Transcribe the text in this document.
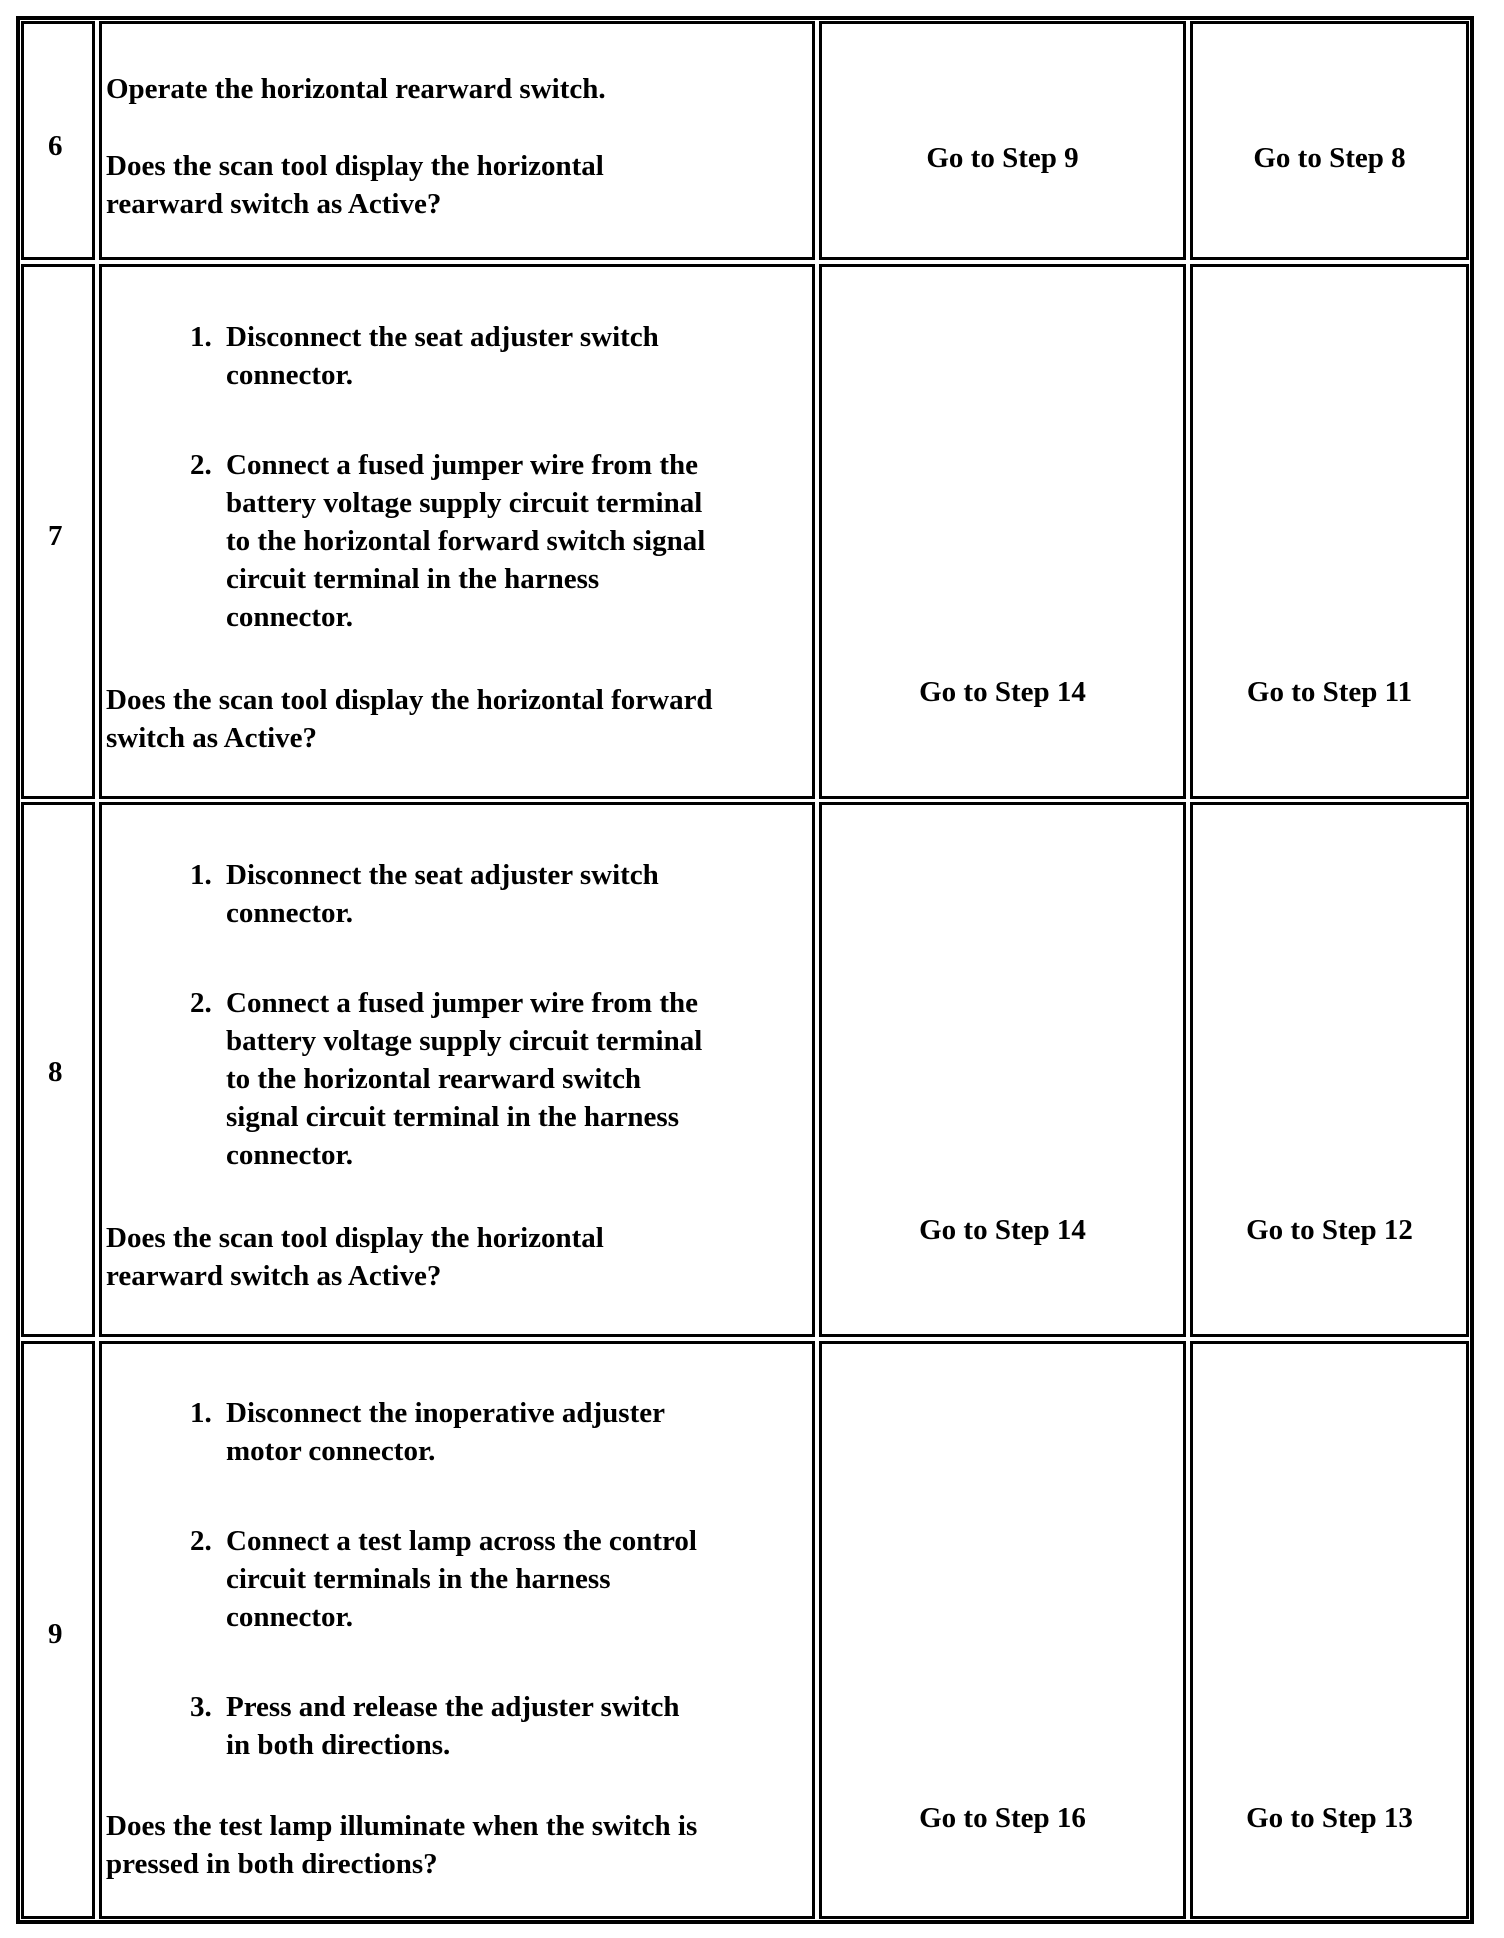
6
Operate the horizontal rearward switch.
Does the scan tool display the horizontal
rearward switch as Active?
Go to Step 9	Go to Step 8
7
1. Disconnect the seat adjuster switch
connector.
2. Connect a fused jumper wire from the
battery voltage supply circuit terminal
to the horizontal forward switch signal
circuit terminal in the harness
connector.
Does the scan tool display the horizontal forward
switch as Active?
Go to Step 14	Go to Step 11
8
1. Disconnect the seat adjuster switch
connector.
2. Connect a fused jumper wire from the
battery voltage supply circuit terminal
to the horizontal rearward switch
signal circuit terminal in the harness
connector.
Does the scan tool display the horizontal
rearward switch as Active?
Go to Step 14	Go to Step 12
9
1. Disconnect the inoperative adjuster
motor connector.
2. Connect a test lamp across the control
circuit terminals in the harness
connector.
3. Press and release the adjuster switch
in both directions.
Does the test lamp illuminate when the switch is
pressed in both directions?
Go to Step 16	Go to Step 13
